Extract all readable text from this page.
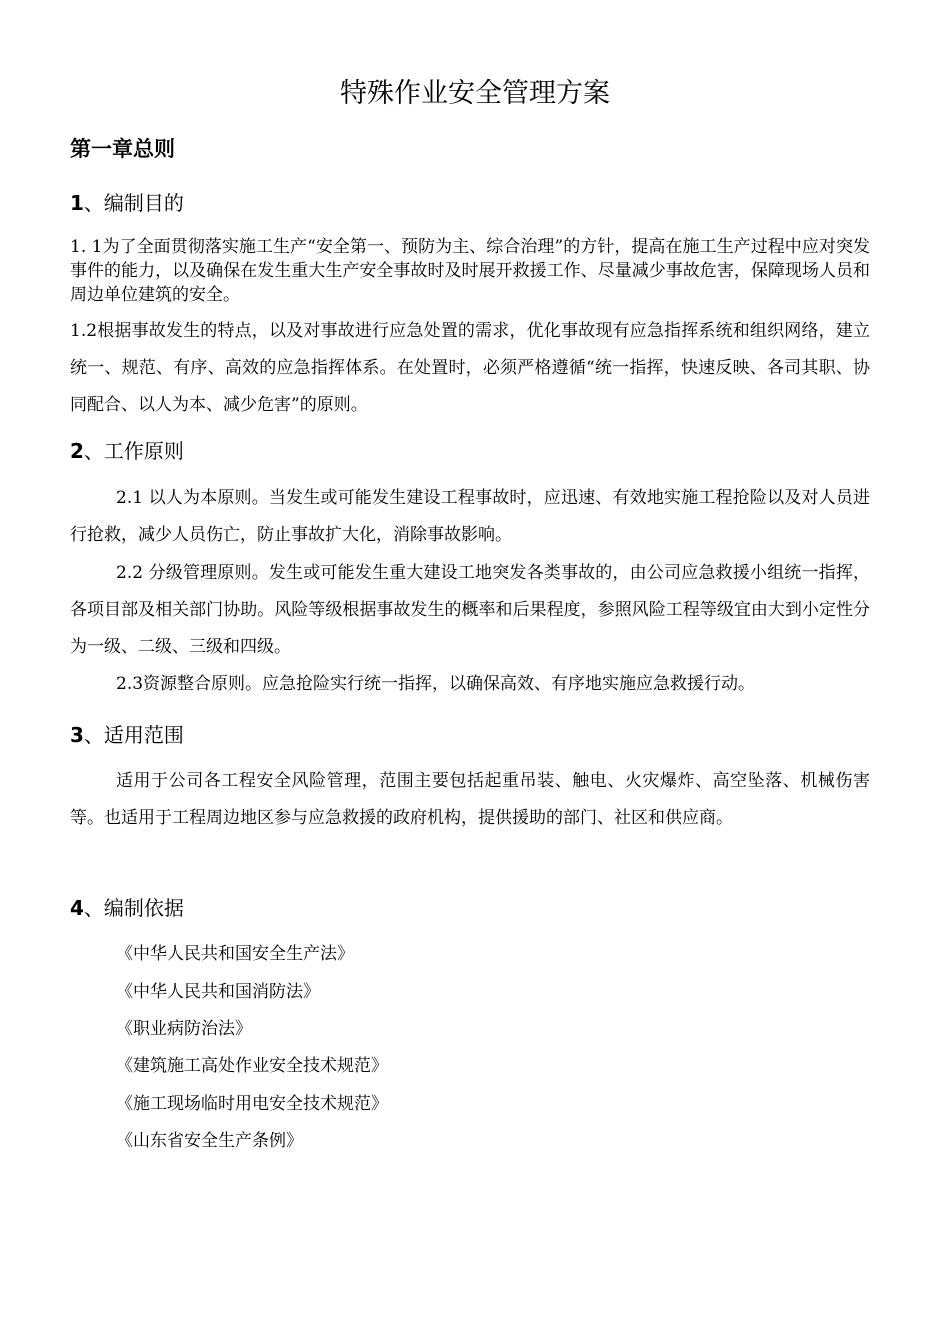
特殊作业安全管理方案
第一章总则
1、编制目的
1. 1为了全面贯彻落实施工生产“安全第一、预防为主、综合治理”的方针，提高在施工生产过程中应对突发事件的能力，以及确保在发生重大生产安全事故时及时展开救援工作、尽量减少事故危害，保障现场人员和周边单位建筑的安全。
1.2根据事故发生的特点，以及对事故进行应急处置的需求，优化事故现有应急指挥系统和组织网络，建立统一、规范、有序、高效的应急指挥体系。在处置时，必须严格遵循“统一指挥，快速反映、各司其职、协同配合、以人为本、减少危害”的原则。
2、工作原则
2.1 以人为本原则。当发生或可能发生建设工程事故时，应迅速、有效地实施工程抢险以及对人员进行抢救，减少人员伤亡，防止事故扩大化，消除事故影响。
2.2 分级管理原则。发生或可能发生重大建设工地突发各类事故的，由公司应急救援小组统一指挥，各项目部及相关部门协助。风险等级根据事故发生的概率和后果程度，参照风险工程等级宜由大到小定性分为一级、二级、三级和四级。
2.3资源整合原则。应急抢险实行统一指挥，以确保高效、有序地实施应急救援行动。
3、适用范围
适用于公司各工程安全风险管理，范围主要包括起重吊装、触电、火灾爆炸、高空坠落、机械伤害等。也适用于工程周边地区参与应急救援的政府机构，提供援助的部门、社区和供应商。
4、编制依据
《中华人民共和国安全生产法》
《中华人民共和国消防法》
《职业病防治法》
《建筑施工高处作业安全技术规范》
《施工现场临时用电安全技术规范》
《山东省安全生产条例》
